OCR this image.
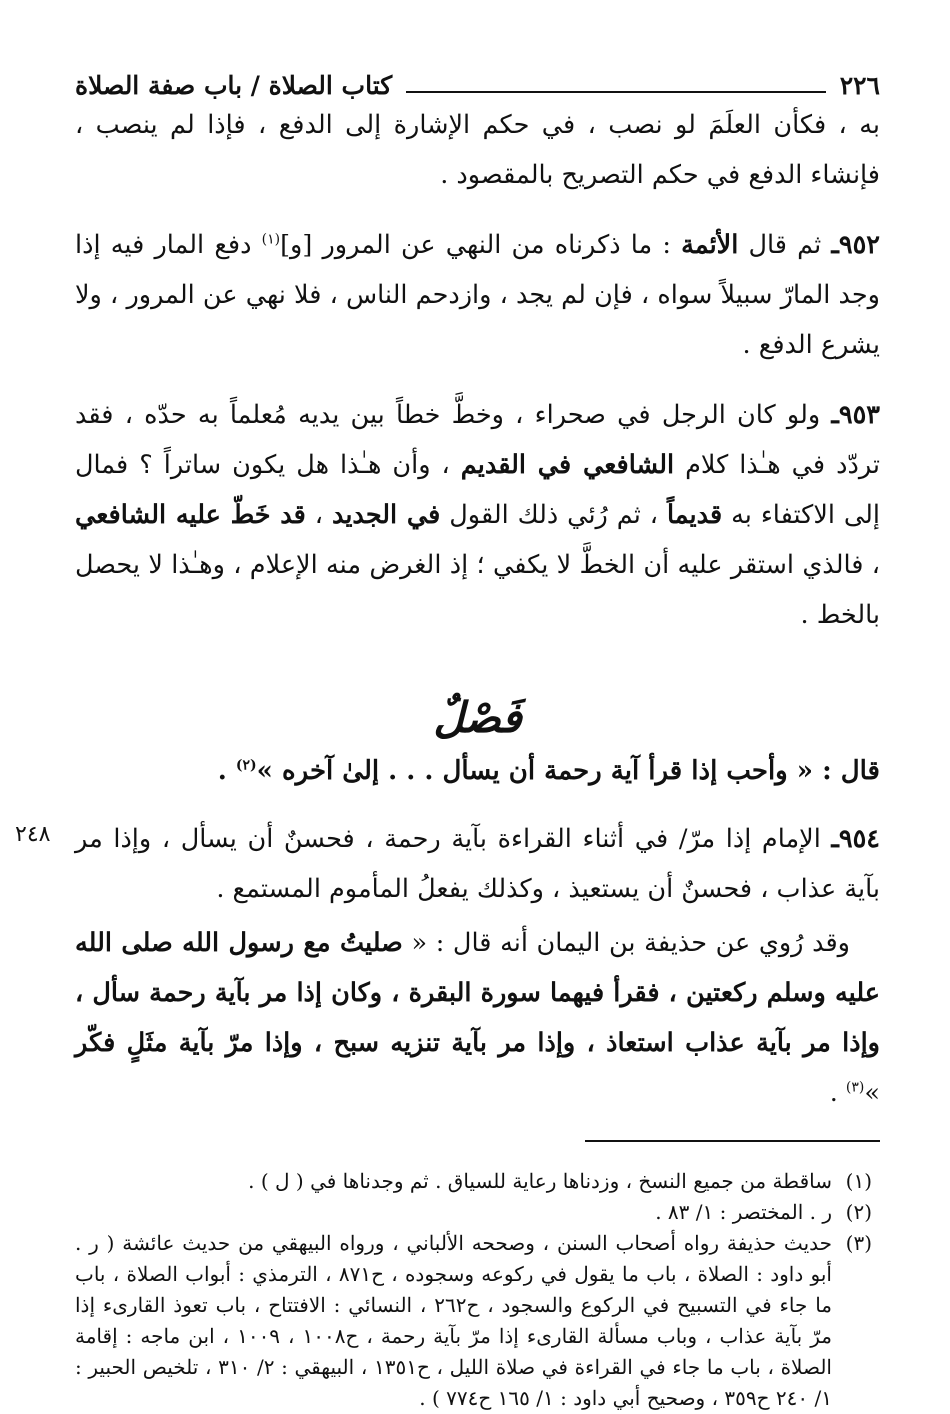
٢٢٦
كتاب الصلاة / باب صفة الصلاة

به ، فكأن العلَمَ لو نصب ، في حكم الإشارة إلى الدفع ، فإذا لم ينصب ، فإنشاء الدفع في حكم التصريح بالمقصود .

٩٥٢ـ ثم قال الأئمة : ما ذكرناه من النهي عن المرور [و]$^{(١)}$ دفع المار فيه إذا وجد المارّ سبيلاً سواه ، فإن لم يجد ، وازدحم الناس ، فلا نهي عن المرور ، ولا يشرع الدفع .

٩٥٣ـ ولو كان الرجل في صحراء ، وخطَّ خطاً بين يديه مُعلماً به حدّه ، فقد تردّد في هـٰذا كلام الشافعي في القديم ، وأن هـٰذا هل يكون ساتراً ؟ فمال إلى الاكتفاء به قديماً ، ثم رُئي ذلك القول في الجديد ، قد خَطّ عليه الشافعي ، فالذي استقر عليه أن الخطَّ لا يكفي ؛ إذ الغرض منه الإعلام ، وهـٰذا لا يحصل بالخط .

فَصْلٌ

قال : « وأحب إذا قرأ آية رحمة أن يسأل . . . إلىٰ آخره »$^{(٢)}$ .

٢٤٨	٩٥٤ـ الإمام إذا مرّ/ في أثناء القراءة بآية رحمة ، فحسنٌ أن يسأل ، وإذا مر بآية عذاب ، فحسنٌ أن يستعيذ ، وكذلك يفعلُ المأموم المستمع .

وقد رُوي عن حذيفة بن اليمان أنه قال : « صليتُ مع رسول الله صلى الله عليه وسلم ركعتين ، فقرأ فيهما سورة البقرة ، وكان إذا مر بآية رحمة سأل ، وإذا مر بآية عذاب استعاذ ، وإذا مر بآية تنزيه سبح ، وإذا مرّ بآية مثَلٍ فكّر »$^{(٣)}$ .

(١)
ساقطة من جميع النسخ ، وزدناها رعاية للسياق . ثم وجدناها في ( ل ) .
(٢)
ر . المختصر : ١/ ٨٣ .
(٣)
حديث حذيفة رواه أصحاب السنن ، وصححه الألباني ، ورواه البيهقي من حديث عائشة ( ر . أبو داود : الصلاة ، باب ما يقول في ركوعه وسجوده ، ح٨٧١ ، الترمذي : أبواب الصلاة ، باب ما جاء في التسبيح في الركوع والسجود ، ح٢٦٢ ، النسائي : الافتتاح ، باب تعوذ القارىء إذا مرّ بآية عذاب ، وباب مسألة القارىء إذا مرّ بآية رحمة ، ح١٠٠٨ ، ١٠٠٩ ، ابن ماجه : إقامة الصلاة ، باب ما جاء في القراءة في صلاة الليل ، ح١٣٥١ ، البيهقي : ٢/ ٣١٠ ، تلخيص الحبير : ١/ ٢٤٠ ح٣٥٩ ، وصحيح أبي داود : ١/ ١٦٥ ح٧٧٤ ) .
